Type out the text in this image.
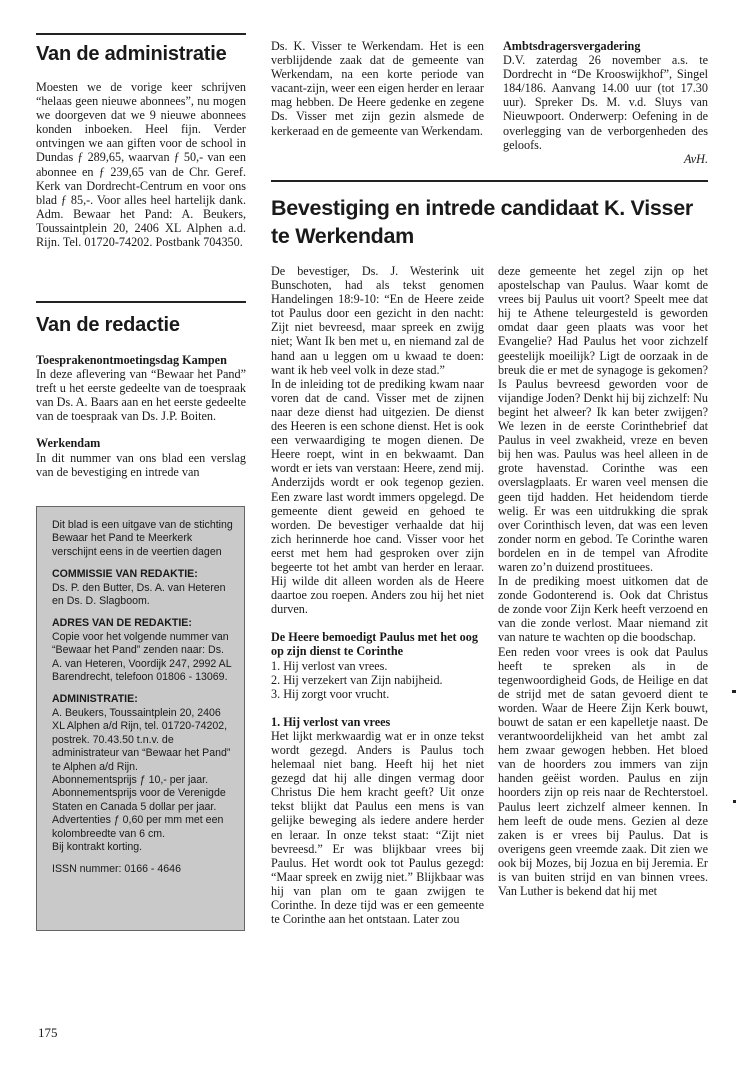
Van de administratie
Moesten we de vorige keer schrijven “helaas geen nieuwe abonnees”, nu mogen we doorgeven dat we 9 nieuwe abonnees konden inboeken. Heel fijn. Verder ontvingen we aan giften voor de school in Dundas ƒ 289,65, waarvan ƒ 50,- van een abonnee en ƒ 239,65 van de Chr. Geref. Kerk van Dordrecht-Centrum en voor ons blad ƒ 85,-. Voor alles heel hartelijk dank. Adm. Bewaar het Pand: A. Beukers, Toussaintplein 20, 2406 XL Alphen a.d. Rijn. Tel. 01720-74202. Postbank 704350.
Van de redactie

Toesprakenontmoetingsdag Kampen

In deze aflevering van “Bewaar het Pand” treft u het eerste gedeelte van de toespraak van Ds. A. Baars aan en het eerste gedeelte van de toespraak van Ds. J.P. Boiten.

Werkendam

In dit nummer van ons blad een verslag van de bevestiging en intrede van

Dit blad is een uitgave van de stichting Bewaar het Pand te Meerkerk

verschijnt eens in de veertien dagen

COMMISSIE VAN REDAKTIE:

Ds. P. den Butter, Ds. A. van Heteren en Ds. D. Slagboom.

ADRES VAN DE REDAKTIE:

Copie voor het volgende nummer van “Bewaar het Pand” zenden naar: Ds. A. van Heteren, Voordijk 247, 2992 AL Barendrecht, telefoon 01806 - 13069.

ADMINISTRATIE:

A. Beukers, Toussaintplein 20, 2406 XL Alphen a/d Rijn, tel. 01720-74202, postrek. 70.43.50 t.n.v. de administrateur van “Bewaar het Pand” te Alphen a/d Rijn.

Abonnementsprijs ƒ 10,- per jaar.

Abonnementsprijs voor de Verenigde Staten en Canada 5 dollar per jaar.

Advertenties ƒ 0,60 per mm met een kolombreedte van 6 cm.

Bij kontrakt korting.

ISSN nummer: 0166 - 4646

Ds. K. Visser te Werkendam. Het is een verblijdende zaak dat de gemeente van Werkendam, na een korte periode van vacant-zijn, weer een eigen herder en leraar mag hebben. De Heere gedenke en zegene Ds. Visser met zijn gezin alsmede de kerkeraad en de gemeente van Werkendam.

Ambtsdragersvergadering

D.V. zaterdag 26 november a.s. te Dordrecht in “De Krooswijkhof”, Singel 184/186. Aanvang 14.00 uur (tot 17.30 uur). Spreker Ds. M. v.d. Sluys van Nieuwpoort. Onderwerp: Oefening in de overlegging van de verborgenheden des geloofs.

AvH.

Bevestiging en intrede candidaat K. Visser te Werkendam

De bevestiger, Ds. J. Westerink uit Bunschoten, had als tekst genomen Handelingen 18:9-10: “En de Heere zeide tot Paulus door een gezicht in den nacht: Zijt niet bevreesd, maar spreek en zwijg niet; Want Ik ben met u, en niemand zal de hand aan u leggen om u kwaad te doen: want ik heb veel volk in deze stad.”

In de inleiding tot de prediking kwam naar voren dat de cand. Visser met de zijnen naar deze dienst had uitgezien. De dienst des Heeren is een schone dienst. Het is ook een verwaardiging te mogen dienen. De Heere roept, wint in en bekwaamt. Dan wordt er iets van verstaan: Heere, zend mij. Anderzijds wordt er ook tegenop gezien. Een zware last wordt immers opgelegd. De gemeente dient geweid en gehoed te worden. De bevestiger verhaalde dat hij zich herinnerde hoe cand. Visser voor het eerst met hem had gesproken over zijn begeerte tot het ambt van herder en leraar. Hij wilde dit alleen worden als de Heere daartoe zou roepen. Anders zou hij het niet durven.

De Heere bemoedigt Paulus met het oog op zijn dienst te Corinthe

1. Hij verlost van vrees.

2. Hij verzekert van Zijn nabijheid.

3. Hij zorgt voor vrucht.

1. Hij verlost van vrees

Het lijkt merkwaardig wat er in onze tekst wordt gezegd. Anders is Paulus toch helemaal niet bang. Heeft hij het niet gezegd dat hij alle dingen vermag door Christus Die hem kracht geeft? Uit onze tekst blijkt dat Paulus een mens is van gelijke beweging als iedere andere herder en leraar. In onze tekst staat: “Zijt niet bevreesd.” Er was blijkbaar vrees bij Paulus. Het wordt ook tot Paulus gezegd: “Maar spreek en zwijg niet.” Blijkbaar was hij van plan om te gaan zwijgen te Corinthe. In deze tijd was er een gemeente te Corinthe aan het ontstaan. Later zou

deze gemeente het zegel zijn op het apostelschap van Paulus. Waar komt de vrees bij Paulus uit voort? Speelt mee dat hij te Athene teleurgesteld is geworden omdat daar geen plaats was voor het Evangelie? Had Paulus het voor zichzelf geestelijk moeilijk? Ligt de oorzaak in de breuk die er met de synagoge is gekomen? Is Paulus bevreesd geworden voor de vijandige Joden? Denkt hij bij zichzelf: Nu begint het alweer? Ik kan beter zwijgen? We lezen in de eerste Corinthebrief dat Paulus in veel zwakheid, vreze en beven bij hen was. Paulus was heel alleen in de grote havenstad. Corinthe was een overslagplaats. Er waren veel mensen die geen tijd hadden. Het heidendom tierde welig. Er was een uitdrukking die sprak over Corinthisch leven, dat was een leven zonder norm en gebod. Te Corinthe waren bordelen en in de tempel van Afrodite waren zo’n duizend prostituees.

In de prediking moest uitkomen dat de zonde Godonterend is. Ook dat Christus de zonde voor Zijn Kerk heeft verzoend en van die zonde verlost. Maar niemand zit van nature te wachten op die boodschap.

Een reden voor vrees is ook dat Paulus heeft te spreken als in de tegenwoordigheid Gods, de Heilige en dat de strijd met de satan gevoerd dient te worden. Waar de Heere Zijn Kerk bouwt, bouwt de satan er een kapelletje naast. De verantwoordelijkheid van het ambt zal hem zwaar gewogen hebben. Het bloed van de hoorders zou immers van zijn handen geëist worden. Paulus en zijn hoorders zijn op reis naar de Rechterstoel. Paulus leert zichzelf almeer kennen. In hem leeft de oude mens. Gezien al deze zaken is er vrees bij Paulus. Dat is overigens geen vreemde zaak. Dit zien we ook bij Mozes, bij Jozua en bij Jeremia. Er is van buiten strijd en van binnen vrees. Van Luther is bekend dat hij met

175
